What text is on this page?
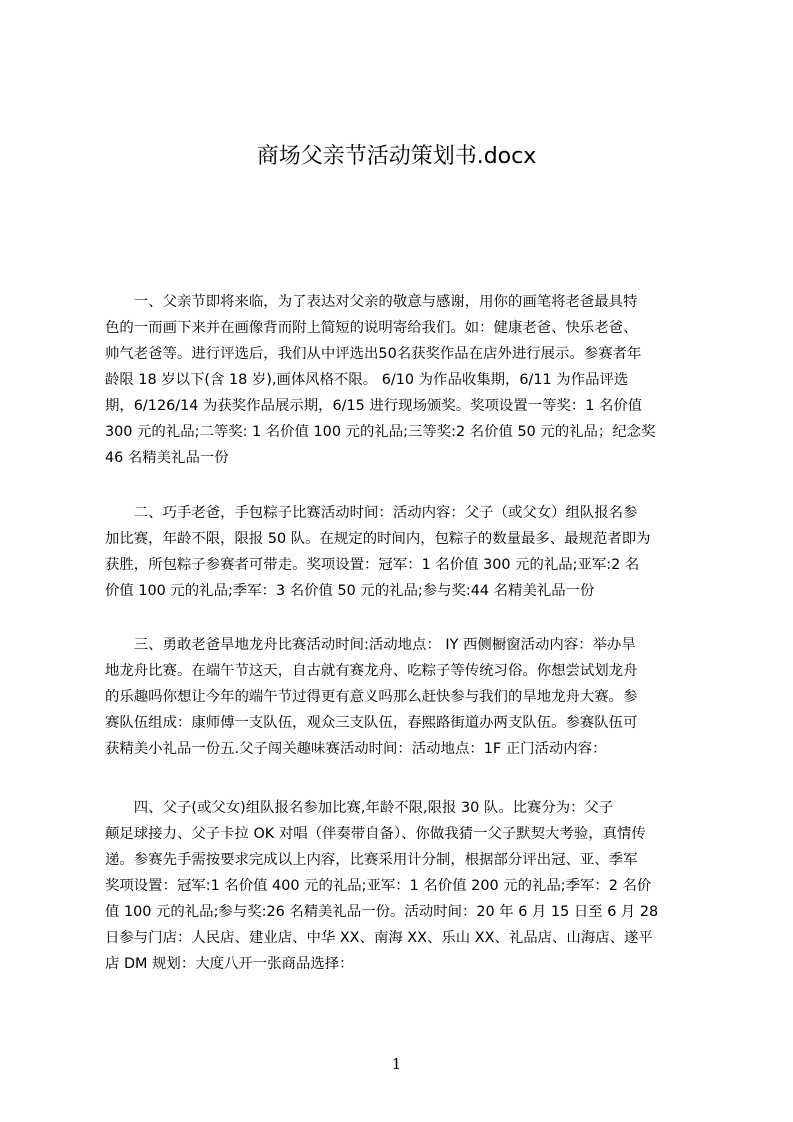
商场父亲节活动策划书.docx
　　一、父亲节即将来临，为了表达对父亲的敬意与感谢，用你的画笔将老爸最具特
色的一而画下来并在画像背而附上简短的说明寄给我们。如：健康老爸、快乐老爸、
帅气老爸等。进行评选后，我们从中评选出50名获奖作品在店外进行展示。参赛者年
龄限 18 岁以下(含 18 岁),画体风格不限。 6/10 为作品收集期，6/11 为作品评选
期，6/126/14 为获奖作品展示期，6/15 进行现场颁奖。奖项设置一等奖：1 名价值
300 元的礼品;二等奖: 1 名价值 100 元的礼品;三等奖:2 名价值 50 元的礼品；纪念奖
46 名精美礼品一份
　　二、巧手老爸，手包粽子比赛活动时间：活动内容：父子（或父女）组队报名参
加比赛，年龄不限，限报 50 队。在规定的时间内，包粽子的数量最多、最规范者即为
获胜，所包粽子参赛者可带走。奖项设置：冠军：1 名价值 300 元的礼品;亚军:2 名
价值 100 元的礼品;季军：3 名价值 50 元的礼品;参与奖:44 名精美礼品一份
　　三、勇敢老爸旱地龙舟比赛活动时间:活动地点： IY 西侧橱窗活动内容：举办旱
地龙舟比赛。在端午节这天，自古就有赛龙舟、吃粽子等传统习俗。你想尝试划龙舟
的乐趣吗你想让今年的端午节过得更有意义吗那么赶快参与我们的旱地龙舟大赛。参
赛队伍组成：康师傅一支队伍，观众三支队伍，春熙路街道办两支队伍。参赛队伍可
获精美小礼品一份五.父子闯关趣味赛活动时间：活动地点：1F 正门活动内容：
　　四、父子(或父女)组队报名参加比赛,年龄不限,限报 30 队。比赛分为：父子
颠足球接力、父子卡拉 OK 对唱（伴奏带自备）、你做我猜一父子默契大考验，真情传
递。参赛先手需按要求完成以上内容，比赛采用计分制，根据部分评出冠、亚、季军
奖项设置：冠军:1 名价值 400 元的礼品;亚军：1 名价值 200 元的礼品;季军：2 名价
值 100 元的礼品;参与奖:26 名精美礼品一份。活动时间：20 年 6 月 15 日至 6 月 28
日参与门店：人民店、建业店、中华 XX、南海 XX、乐山 XX、礼品店、山海店、遂平
店 DM 规划：大度八开一张商品选择：
1
